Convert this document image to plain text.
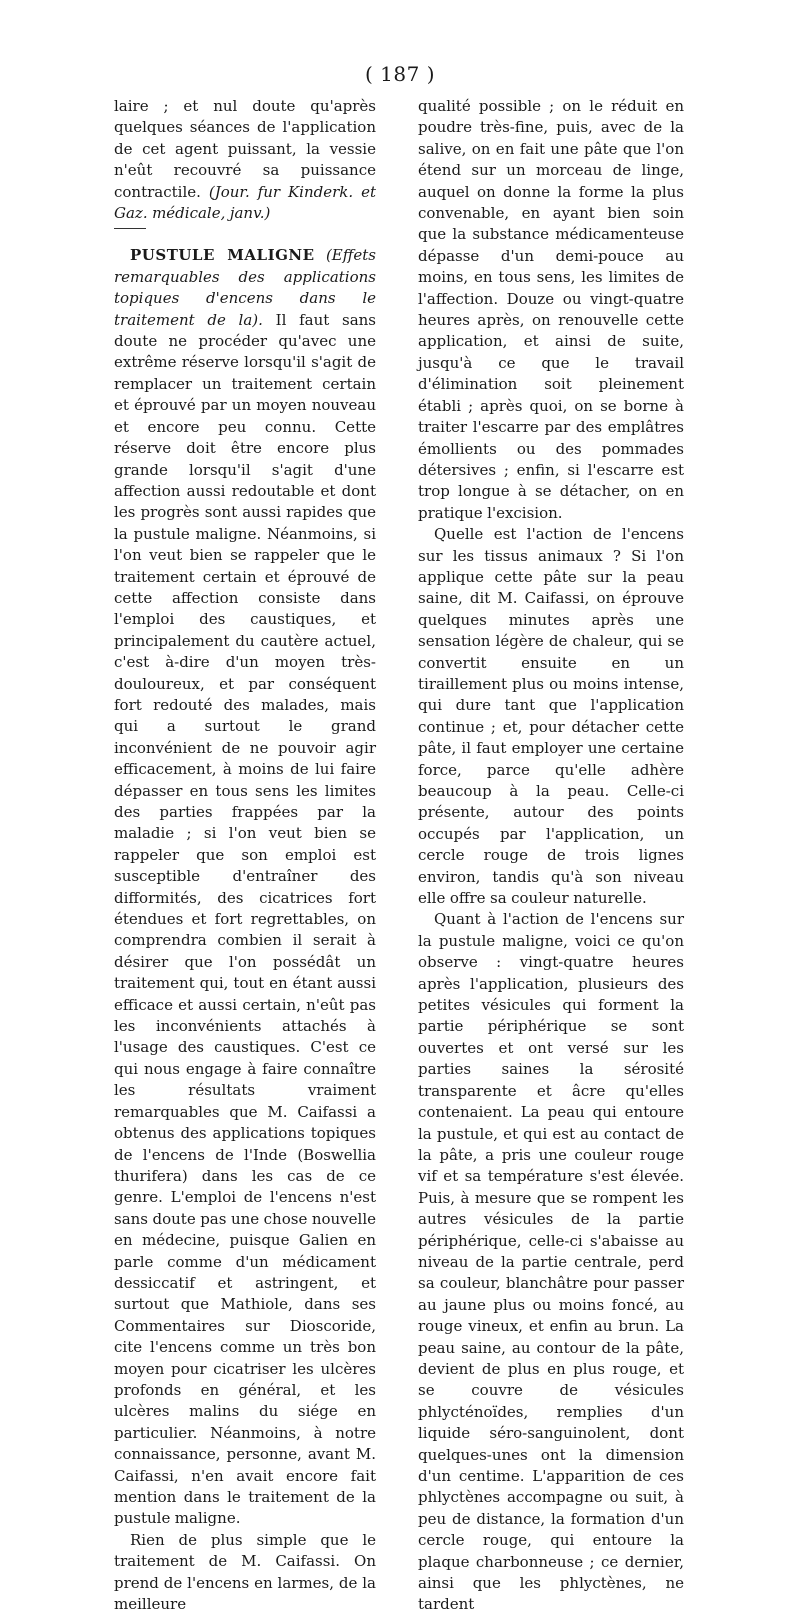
( 187 )

laire ; et nul doute qu'après quelques séances de l'application de cet agent puissant, la vessie n'eût recouvré sa puissance contractile. (Jour. fur Kinderk. et Gaz. médicale, janv.)

PUSTULE MALIGNE (Effets remarquables des applications topiques d'encens dans le traitement de la). Il faut sans doute ne procéder qu'avec une extrême réserve lorsqu'il s'agit de remplacer un traitement certain et éprouvé par un moyen nouveau et encore peu connu. Cette réserve doit être encore plus grande lorsqu'il s'agit d'une affection aussi redoutable et dont les progrès sont aussi rapides que la pustule maligne. Néanmoins, si l'on veut bien se rappeler que le traitement certain et éprouvé de cette affection consiste dans l'emploi des caustiques, et principalement du cautère actuel, c'est à-dire d'un moyen très-douloureux, et par conséquent fort redouté des malades, mais qui a surtout le grand inconvénient de ne pouvoir agir efficacement, à moins de lui faire dépasser en tous sens les limites des parties frappées par la maladie ; si l'on veut bien se rappeler que son emploi est susceptible d'entraîner des difformités, des cicatrices fort étendues et fort regrettables, on comprendra combien il serait à désirer que l'on possédât un traitement qui, tout en étant aussi efficace et aussi certain, n'eût pas les inconvénients attachés à l'usage des caustiques. C'est ce qui nous engage à faire connaître les résultats vraiment remarquables que M. Caifassi a obtenus des applications topiques de l'encens de l'Inde (Boswellia thurifera) dans les cas de ce genre. L'emploi de l'encens n'est sans doute pas une chose nouvelle en médecine, puisque Galien en parle comme d'un médicament dessiccatif et astringent, et surtout que Mathiole, dans ses Commentaires sur Dioscoride, cite l'encens comme un très bon moyen pour cicatriser les ulcères profonds en général, et les ulcères malins du siége en particulier. Néanmoins, à notre connaissance, personne, avant M. Caifassi, n'en avait encore fait mention dans le traitement de la pustule maligne.

Rien de plus simple que le traitement de M. Caifassi. On prend de l'encens en larmes, de la meilleure

qualité possible ; on le réduit en poudre très-fine, puis, avec de la salive, on en fait une pâte que l'on étend sur un morceau de linge, auquel on donne la forme la plus convenable, en ayant bien soin que la substance médicamenteuse dépasse d'un demi-pouce au moins, en tous sens, les limites de l'affection. Douze ou vingt-quatre heures après, on renouvelle cette application, et ainsi de suite, jusqu'à ce que le travail d'élimination soit pleinement établi ; après quoi, on se borne à traiter l'escarre par des emplâtres émollients ou des pommades détersives ; enfin, si l'escarre est trop longue à se détacher, on en pratique l'excision.

Quelle est l'action de l'encens sur les tissus animaux ? Si l'on applique cette pâte sur la peau saine, dit M. Caifassi, on éprouve quelques minutes après une sensation légère de chaleur, qui se convertit ensuite en un tiraillement plus ou moins intense, qui dure tant que l'application continue ; et, pour détacher cette pâte, il faut employer une certaine force, parce qu'elle adhère beaucoup à la peau. Celle-ci présente, autour des points occupés par l'application, un cercle rouge de trois lignes environ, tandis qu'à son niveau elle offre sa couleur naturelle.

Quant à l'action de l'encens sur la pustule maligne, voici ce qu'on observe : vingt-quatre heures après l'application, plusieurs des petites vésicules qui forment la partie périphérique se sont ouvertes et ont versé sur les parties saines la sérosité transparente et âcre qu'elles contenaient. La peau qui entoure la pustule, et qui est au contact de la pâte, a pris une couleur rouge vif et sa température s'est élevée. Puis, à mesure que se rompent les autres vésicules de la partie périphérique, celle-ci s'abaisse au niveau de la partie centrale, perd sa couleur, blanchâtre pour passer au jaune plus ou moins foncé, au rouge vineux, et enfin au brun. La peau saine, au contour de la pâte, devient de plus en plus rouge, et se couvre de vésicules phlycténoïdes, remplies d'un liquide séro-sanguinolent, dont quelques-unes ont la dimension d'un centime. L'apparition de ces phlyctènes accompagne ou suit, à peu de distance, la formation d'un cercle rouge, qui entoure la plaque charbonneuse ; ce dernier, ainsi que les phlyctènes, ne tardent
